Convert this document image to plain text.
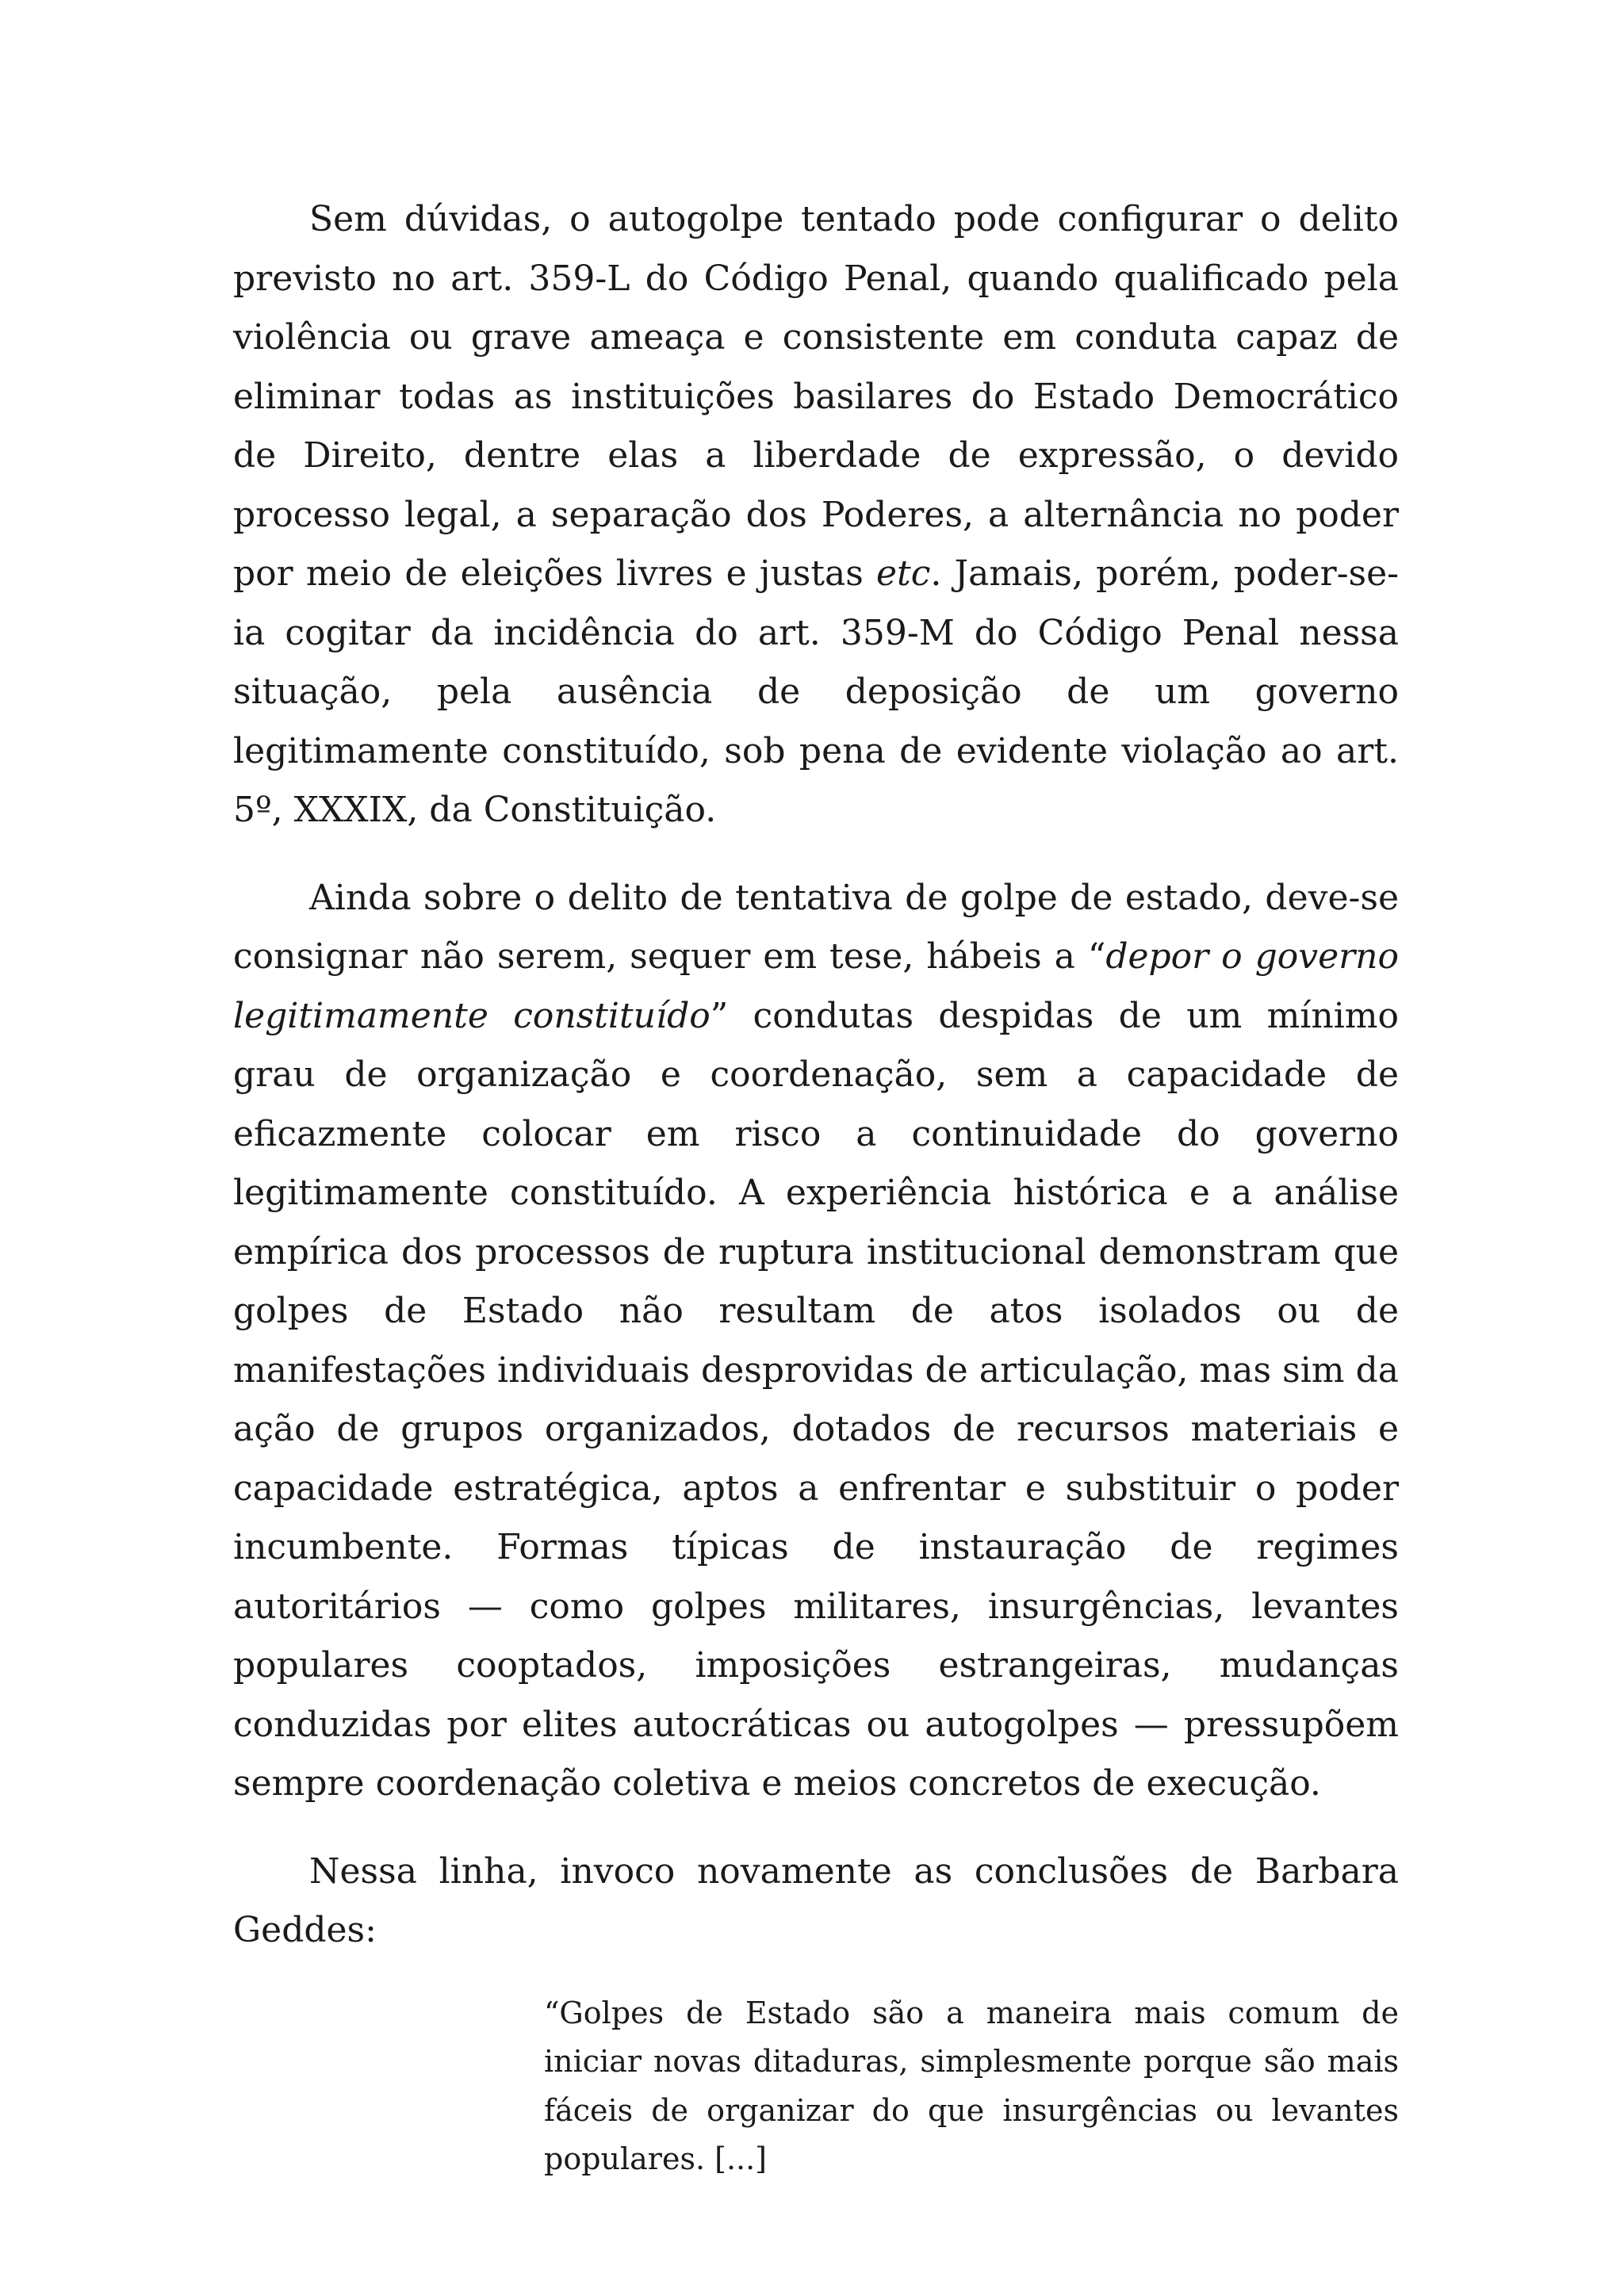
Sem dúvidas, o autogolpe tentado pode configurar o delito previsto no art. 359-L do Código Penal, quando qualificado pela violência ou grave ameaça e consistente em conduta capaz de eliminar todas as instituições basilares do Estado Democrático de Direito, dentre elas a liberdade de expressão, o devido processo legal, a separação dos Poderes, a alternância no poder por meio de eleições livres e justas etc. Jamais, porém, poder-se-ia cogitar da incidência do art. 359-M do Código Penal nessa situação, pela ausência de deposição de um governo legitimamente constituído, sob pena de evidente violação ao art. 5º, XXXIX, da Constituição.

Ainda sobre o delito de tentativa de golpe de estado, deve-se consignar não serem, sequer em tese, hábeis a “depor o governo legitimamente constituído” condutas despidas de um mínimo grau de organização e coordenação, sem a capacidade de eficazmente colocar em risco a continuidade do governo legitimamente constituído. A experiência histórica e a análise empírica dos processos de ruptura institucional demonstram que golpes de Estado não resultam de atos isolados ou de manifestações individuais desprovidas de articulação, mas sim da ação de grupos organizados, dotados de recursos materiais e capacidade estratégica, aptos a enfrentar e substituir o poder incumbente. Formas típicas de instauração de regimes autoritários — como golpes militares, insurgências, levantes populares cooptados, imposições estrangeiras, mudanças conduzidas por elites autocráticas ou autogolpes — pressupõem sempre coordenação coletiva e meios concretos de execução.

Nessa linha, invoco novamente as conclusões de Barbara Geddes:

“Golpes de Estado são a maneira mais comum de iniciar novas ditaduras, simplesmente porque são mais fáceis de organizar do que insurgências ou levantes populares. [...]
